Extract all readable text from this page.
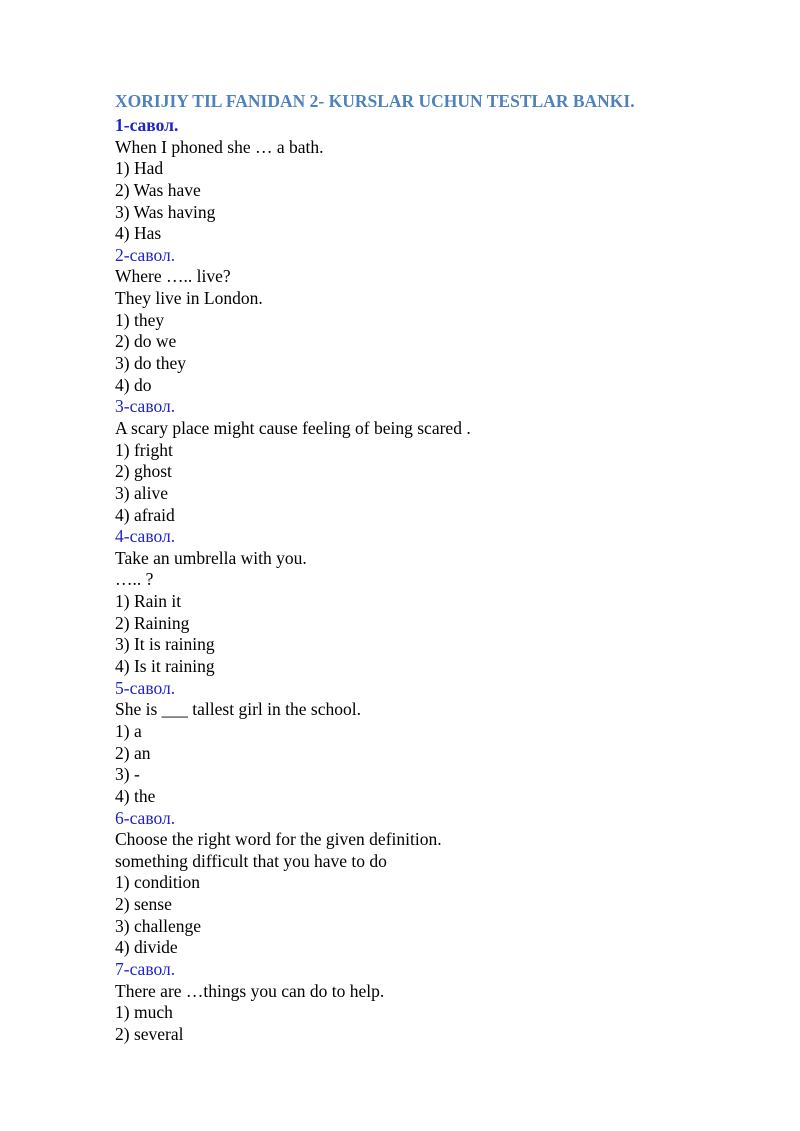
XORIJIY TIL FANIDAN 2- KURSLAR UCHUN TESTLAR BANKI.
1-савол.
When I phoned she … a bath.
1) Had
2) Was have
3) Was having
4) Has
2-савол.
Where ….. live?
They live in London.
1) they
2) do we
3) do they
4) do
3-савол.
A scary place might cause feeling of being scared .
1) fright
2) ghost
3) alive
4) afraid
4-савол.
Take an umbrella with you.
….. ?
1) Rain it
2) Raining
3) It is raining
4) Is it raining
5-савол.
She is ___ tallest girl in the school.
1) a
2) an
3) -
4) the
6-савол.
Choose the right word for the given definition.
something difficult that you have to do
1) condition
2) sense
3) challenge
4) divide
7-савол.
There are …things you can do to help.
1) much
2) several
